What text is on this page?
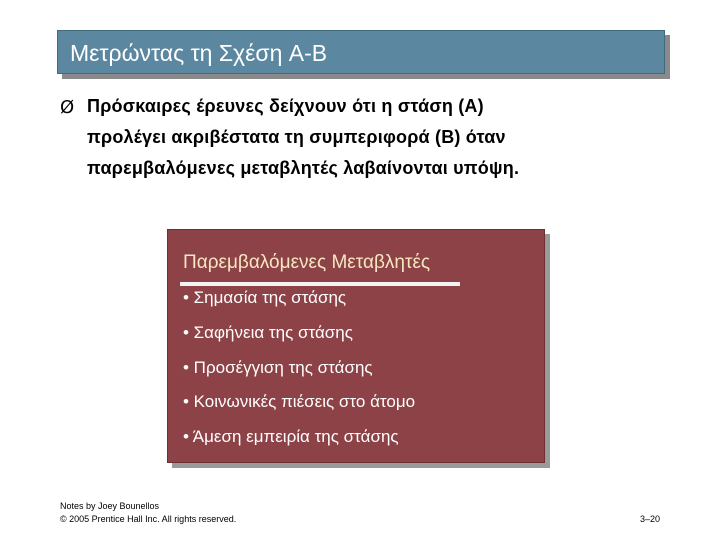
Μετρώντας τη Σχέση A-B
Ø Πρόσκαιρες έρευνες δείχνουν ότι η στάση (A)
προλέγει ακριβέστατα τη συμπεριφορά (Β) όταν
παρεμβαλόμενες μεταβλητές λαβαίνονται υπόψη.
Παρεμβαλόμενες Μεταβλητές
• Σημασία της στάσης
• Σαφήνεια της στάσης
• Προσέγγιση της στάσης
• Κοινωνικές πιέσεις στο άτομο
• Άμεση εμπειρία της στάσης
Notes by Joey Bounellos
© 2005 Prentice Hall Inc. All rights reserved.	3–20
